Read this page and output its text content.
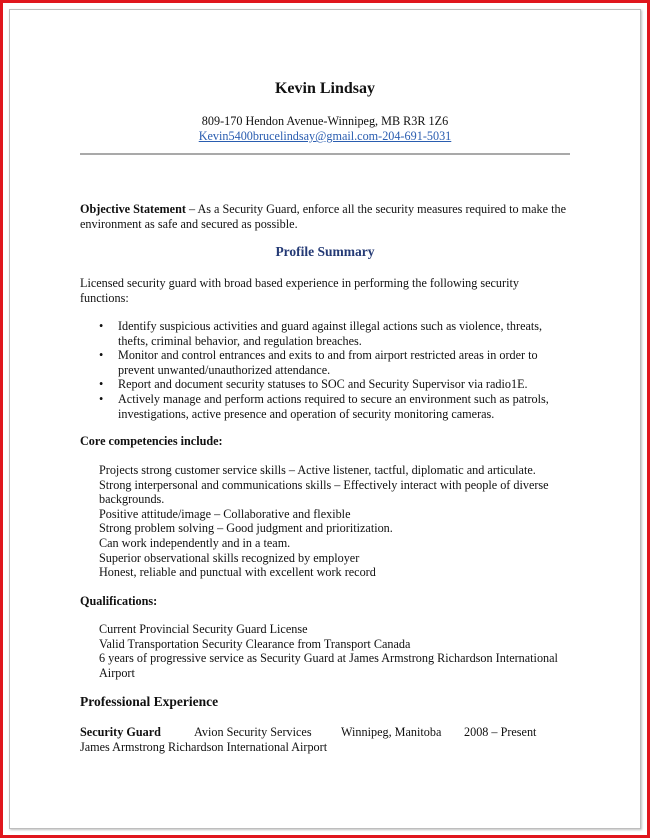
Kevin Lindsay
809-170 Hendon Avenue-Winnipeg, MB R3R 1Z6
Kevin5400brucelindsay@gmail.com-204-691-5031
Objective Statement – As a Security Guard, enforce all the security measures required to make the environment as safe and secured as possible.
Profile Summary
Licensed security guard with broad based experience in performing the following security functions:
• Identify suspicious activities and guard against illegal actions such as violence, threats, thefts, criminal behavior, and regulation breaches.
• Monitor and control entrances and exits to and from airport restricted areas in order to prevent unwanted/unauthorized attendance.
• Report and document security statuses to SOC and Security Supervisor via radio1E.
• Actively manage and perform actions required to secure an environment such as patrols, investigations, active presence and operation of security monitoring cameras.
Core competencies include:
Projects strong customer service skills – Active listener, tactful, diplomatic and articulate.
Strong interpersonal and communications skills – Effectively interact with people of diverse backgrounds.
Positive attitude/image – Collaborative and flexible
Strong problem solving – Good judgment and prioritization.
Can work independently and in a team.
Superior observational skills recognized by employer
Honest, reliable and punctual with excellent work record
Qualifications:
Current Provincial Security Guard License
Valid Transportation Security Clearance from Transport Canada
6 years of progressive service as Security Guard at James Armstrong Richardson International Airport
Professional Experience
Security Guard	Avion Security Services Winnipeg, Manitoba 2008 – Present
James Armstrong Richardson International Airport
